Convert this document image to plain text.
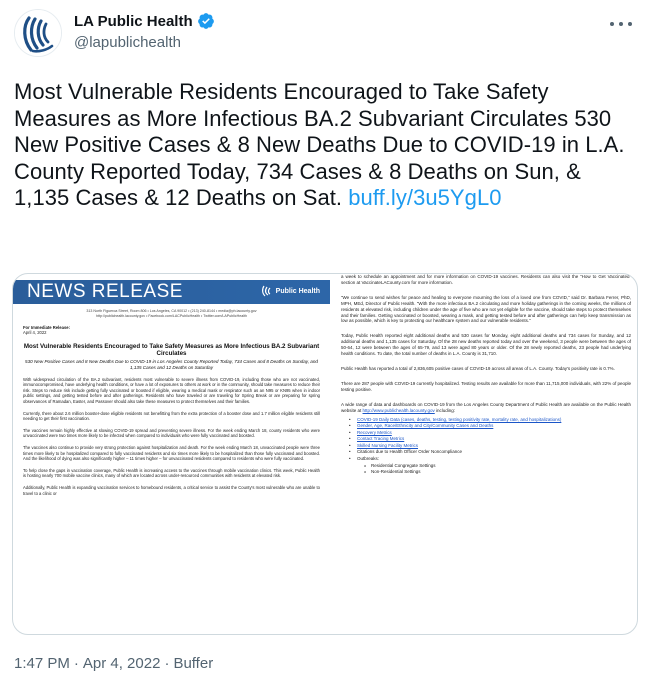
LA Public Health
@lapublichealth
Most Vulnerable Residents Encouraged to Take Safety Measures as More Infectious BA.2 Subvariant Circulates 530 New Positive Cases & 8 New Deaths Due to COVID-19 in L.A. County Reported Today, 734 Cases & 8 Deaths on Sun, & 1,135 Cases & 12 Deaths on Sat. buff.ly/3u5YgL0
NEWS RELEASE	Public Health
313 North Figueroa Street, Room 806 • Los Angeles, CA 90012 • (213) 240-8144 • media@ph.lacounty.gov
http://publichealth.lacounty.gov • Facebook.com/LACPublicHealth • Twitter.com/LAPublicHealth
For Immediate Release:
April 4, 2022
Most Vulnerable Residents Encouraged to Take Safety Measures as More Infectious BA.2 Subvariant Circulates
530 New Positive Cases and 8 New Deaths Due to COVID-19 in Los Angeles County Reported Today, 734 Cases and 8 Deaths on Sunday, and 1,135 Cases and 12 Deaths on Saturday
With widespread circulation of the BA.2 subvariant, residents most vulnerable to severe illness from COVID-19, including those who are not vaccinated, immunocompromised, have underlying health conditions, or have a lot of exposures to others at work or in the community, should take measures to reduce their risk. Steps to reduce risk include getting fully vaccinated or boosted if eligible, wearing a medical mask or respirator such as an N95 or KN95 when in indoor public settings, and getting tested before and after gatherings. Residents who have traveled or are traveling for Spring Break or are preparing for spring observances of Ramadan, Easter, and Passover should also take these measures to protect themselves and their families.
Currently, there about 2.6 million booster-dose eligible residents not benefitting from the extra protection of a booster dose and 1.7 million eligible residents still needing to get their first vaccination.
The vaccines remain highly effective at slowing COVID-19 spread and preventing severe illness. For the week ending March 18, county residents who were unvaccinated were two times more likely to be infected when compared to individuals who were fully vaccinated and boosted.
The vaccines also continue to provide very strong protection against hospitalization and death. For the week ending March 18, unvaccinated people were three times more likely to be hospitalized compared to fully vaccinated residents and six times more likely to be hospitalized than those fully vaccinated and boosted. And the likelihood of dying was also significantly higher – 11 times higher – for unvaccinated residents compared to residents who were fully vaccinated.
To help close the gaps in vaccination coverage, Public Health is increasing access to the vaccines through mobile vaccination clinics. This week, Public Health is hosting nearly 700 mobile vaccine clinics, many of which are located across under-resourced communities with residents at elevated risk.
Additionally, Public Health is expanding vaccination services to homebound residents, a critical service to assist the County's most vulnerable who are unable to travel to a clinic or
a week to schedule an appointment and for more information on COVID-19 vaccines. Residents can also visit the “How to Get Vaccinated” section at VaccinateLACounty.com for more information.
“We continue to send wishes for peace and healing to everyone mourning the loss of a loved one from COVID,” said Dr. Barbara Ferrer, PhD, MPH, MEd, Director of Public Health. “With the more infectious BA.2 circulating and more holiday gatherings in the coming weeks, the millions of residents at elevated risk, including children under the age of five who are not yet eligible for the vaccine, should take steps to protect themselves and their families. Getting vaccinated or boosted, wearing a mask, and getting tested before and after gatherings can help keep transmission as low as possible, which is key to protecting our healthcare system and our vulnerable residents.”
Today, Public Health reported eight additional deaths and 530 cases for Monday, eight additional deaths and 734 cases for Sunday, and 12 additional deaths and 1,135 cases for Saturday. Of the 28 new deaths reported today and over the weekend, 3 people were between the ages of 50-64, 12 were between the ages of 65-79, and 13 were aged 80 years or older. Of the 28 newly reported deaths, 23 people had underlying health conditions. To date, the total number of deaths in L.A. County is 31,710.
Public Health has reported a total of 2,836,605 positive cases of COVID-19 across all areas of L.A. County. Today's positivity rate is 0.7%.
There are 287 people with COVID-19 currently hospitalized. Testing results are available for more than 11,715,000 individuals, with 22% of people testing positive.
A wide range of data and dashboards on COVID-19 from the Los Angeles County Department of Public Health are available on the Public Health website at http://www.publichealth.lacounty.gov including:
• COVID-19 Daily Data (cases, deaths, testing, testing positivity rate, mortality rate, and hospitalizations)
• Gender, Age, Race/Ethnicity and City/Community Cases and Deaths
• Recovery Metrics
• Contact Tracing Metrics
• Skilled Nursing Facility Metrics
• Citations due to Health Officer Order Noncompliance
• Outbreaks:
o Residential Congregate Settings
o Non-Residential Settings
1:47 PM · Apr 4, 2022 · Buffer
